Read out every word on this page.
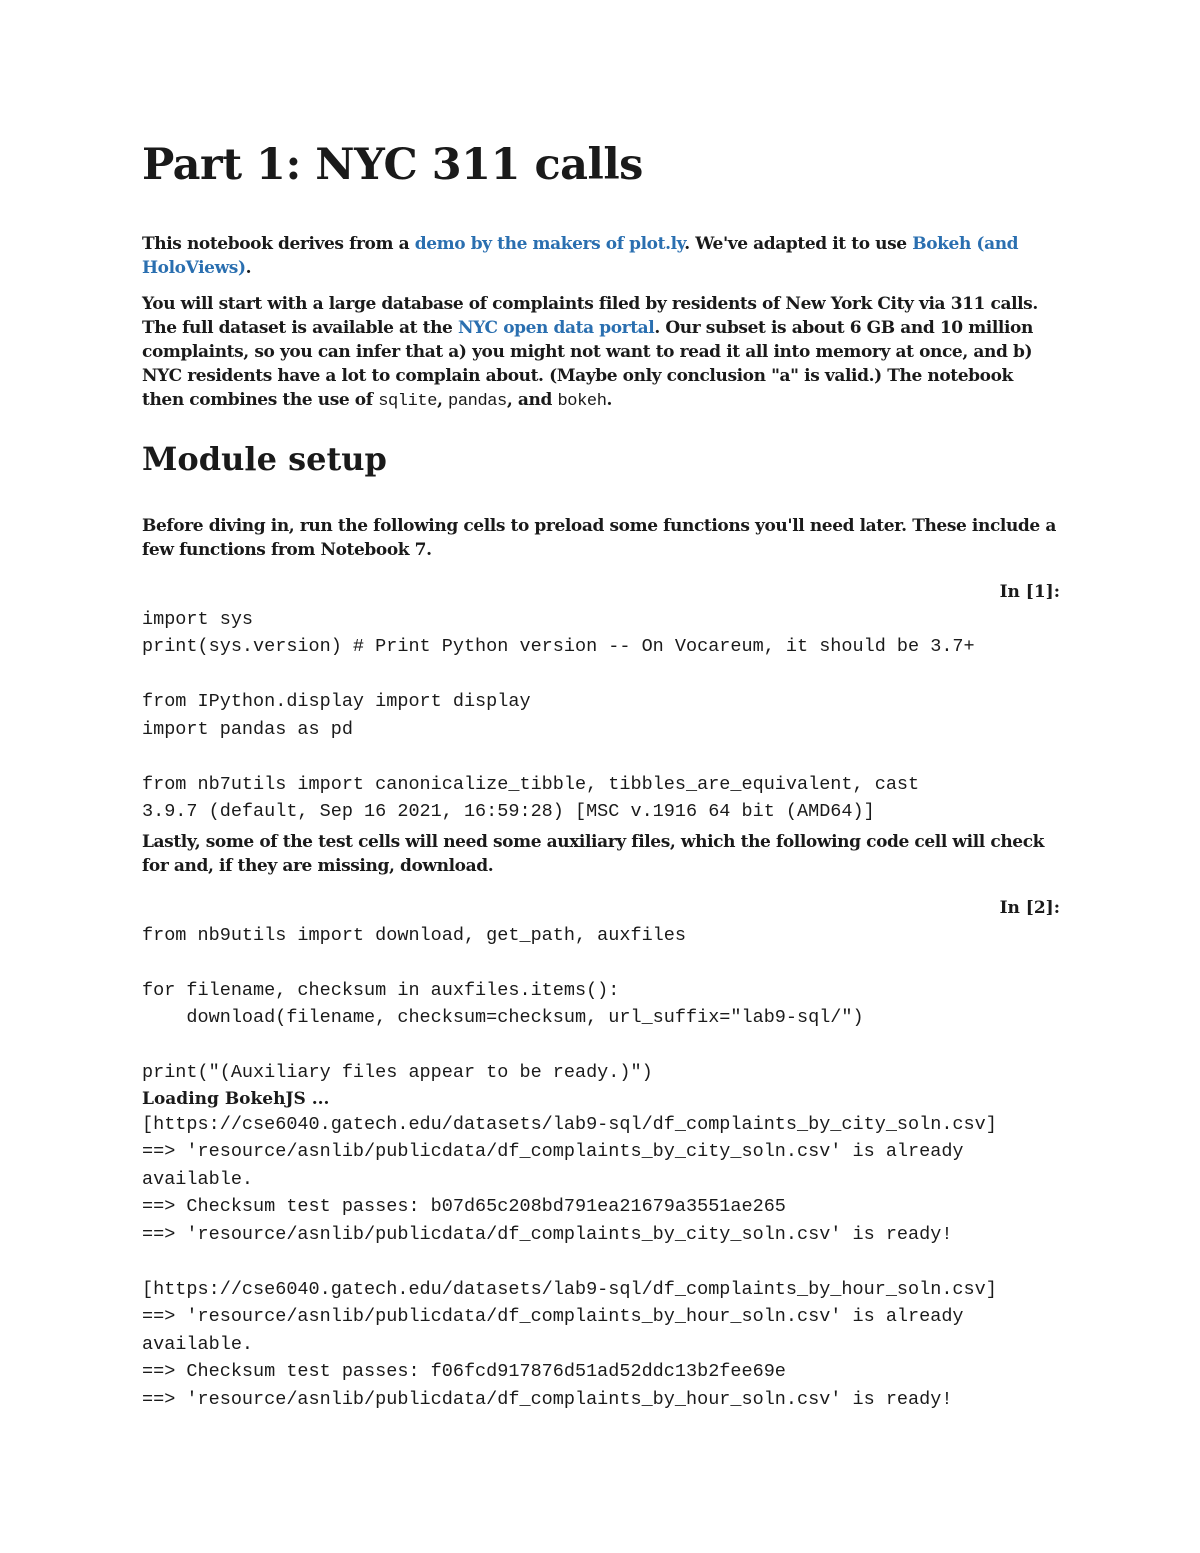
Part 1: NYC 311 calls

This notebook derives from a demo by the makers of plot.ly. We've adapted it to use Bokeh (and HoloViews).

You will start with a large database of complaints filed by residents of New York City via 311 calls. The full dataset is available at the NYC open data portal. Our subset is about 6 GB and 10 million complaints, so you can infer that a) you might not want to read it all into memory at once, and b) NYC residents have a lot to complain about. (Maybe only conclusion "a" is valid.) The notebook then combines the use of sqlite, pandas, and bokeh.

Module setup

Before diving in, run the following cells to preload some functions you'll need later. These include a few functions from Notebook 7.

In [1]:
import sys
print(sys.version) # Print Python version -- On Vocareum, it should be 3.7+

from IPython.display import display
import pandas as pd

from nb7utils import canonicalize_tibble, tibbles_are_equivalent, cast
3.9.7 (default, Sep 16 2021, 16:59:28) [MSC v.1916 64 bit (AMD64)]

Lastly, some of the test cells will need some auxiliary files, which the following code cell will check for and, if they are missing, download.

In [2]:
from nb9utils import download, get_path, auxfiles

for filename, checksum in auxfiles.items():
download(filename, checksum=checksum, url_suffix="lab9-sql/")

print("(Auxiliary files appear to be ready.)")
Loading BokehJS ...
[https://cse6040.gatech.edu/datasets/lab9-sql/df_complaints_by_city_soln.csv]
==> 'resource/asnlib/publicdata/df_complaints_by_city_soln.csv' is already
available.
==> Checksum test passes: b07d65c208bd791ea21679a3551ae265
==> 'resource/asnlib/publicdata/df_complaints_by_city_soln.csv' is ready!

[https://cse6040.gatech.edu/datasets/lab9-sql/df_complaints_by_hour_soln.csv]
==> 'resource/asnlib/publicdata/df_complaints_by_hour_soln.csv' is already
available.
==> Checksum test passes: f06fcd917876d51ad52ddc13b2fee69e
==> 'resource/asnlib/publicdata/df_complaints_by_hour_soln.csv' is ready!
